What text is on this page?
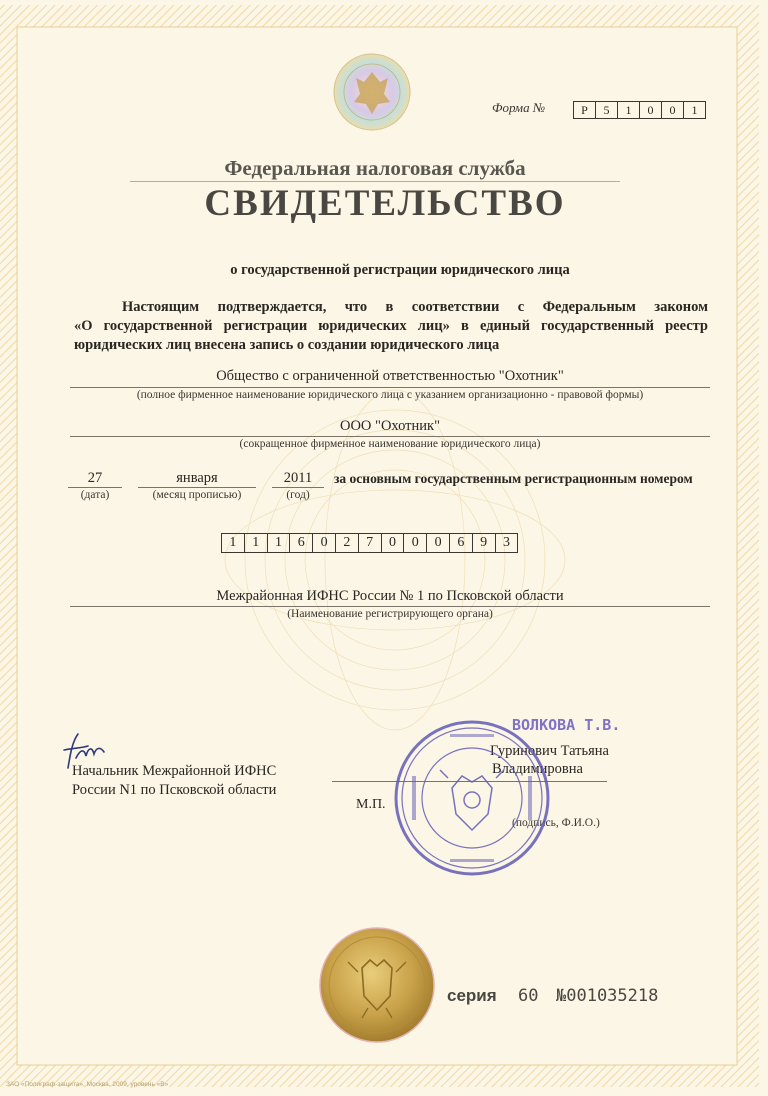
Форма №	Р	5	1	0	0	1
Федеральная налоговая служба
СВИДЕТЕЛЬСТВО
о государственной регистрации юридического лица
Настоящим подтверждается, что в соответствии с Федеральным законом
«О государственной регистрации юридических лиц» в единый государственный реестр
юридических лиц внесена запись о создании юридического лица
Общество с ограниченной ответственностью "Охотник"
(полное фирменное наименование юридического лица с указанием организационно - правовой формы)
ООО "Охотник"
(сокращенное фирменное наименование юридического лица)
27
(дата)
января
(месяц прописью)
2011
(год)
за основным государственным регистрационным номером
1	1	1	6	0	2	7	0	0	0	6	9	3
Межрайонная ИФНС России № 1 по Псковской области
(Наименование регистрирующего органа)
Начальник Межрайонной ИФНС
России N1 по Псковской области
М.П.
Гуринович Татьяна
Владимировна
(подпись, Ф.И.О.)
ВОЛКОВА Т.В.
серия 60 №001035218
ЗАО «Полиграф-защита», Москва, 2009, уровень «В»
